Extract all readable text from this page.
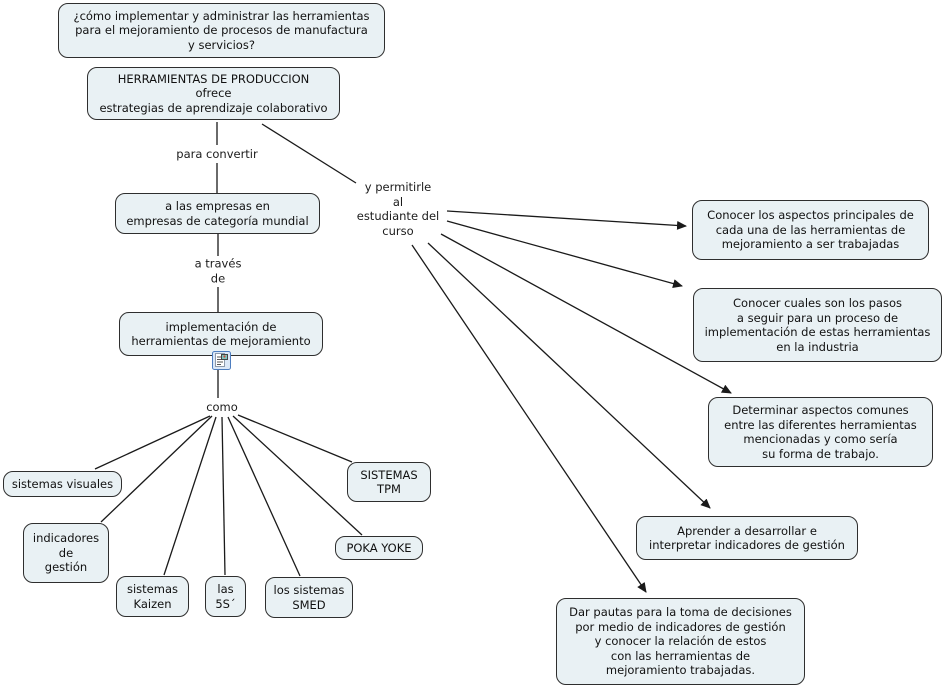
¿cómo implementar y administrar las herramientas
para el mejoramiento de procesos de manufactura
y servicios?
HERRAMIENTAS DE PRODUCCION
ofrece
estrategias de aprendizaje colaborativo
a las empresas en
empresas de categoría mundial
implementación de
herramientas de mejoramiento
sistemas visuales
indicadores
de
gestión
sistemas
Kaizen
las
5S´
los sistemas
SMED
POKA YOKE
SISTEMAS
TPM
Conocer los aspectos principales de
cada una de las herramientas de
mejoramiento a ser trabajadas
Conocer cuales son los pasos
a seguir para un proceso de
implementación de estas herramientas
en la industria
Determinar aspectos comunes
entre las diferentes herramientas
mencionadas y como sería
su forma de trabajo.
Aprender a desarrollar e
interpretar indicadores de gestión
Dar pautas para la toma de decisiones
por medio de indicadores de gestión
y conocer la relación de estos
con las herramientas de
mejoramiento trabajadas.
para convertir
a través
de
como
y permitirle
al
estudiante del
curso
